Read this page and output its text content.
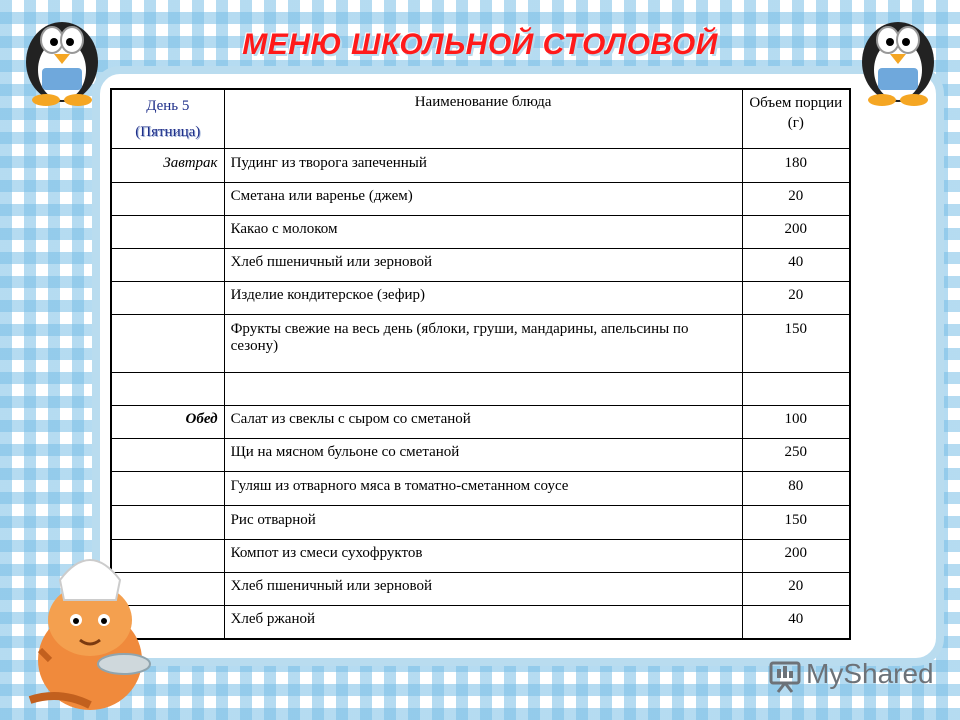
МЕНЮ ШКОЛЬНОЙ СТОЛОВОЙ
День 5
(Пятница)	Наименование блюда	Объем порции (г)
Завтрак	Пудинг из творога запеченный	180
	Сметана или варенье (джем)	20
	Какао с молоком	200
	Хлеб пшеничный или зерновой	40
	Изделие кондитерское (зефир)	20
	Фрукты свежие на весь день (яблоки, груши, мандарины, апельсины по сезону)	150

Обед	Салат из свеклы с сыром со сметаной	100
	Щи на мясном бульоне со сметаной	250
	Гуляш из отварного мяса в томатно-сметанном соусе	80
	Рис отварной	150
	Компот из смеси сухофруктов	200
	Хлеб пшеничный или зерновой	20
	Хлеб ржаной	40
MyShared
